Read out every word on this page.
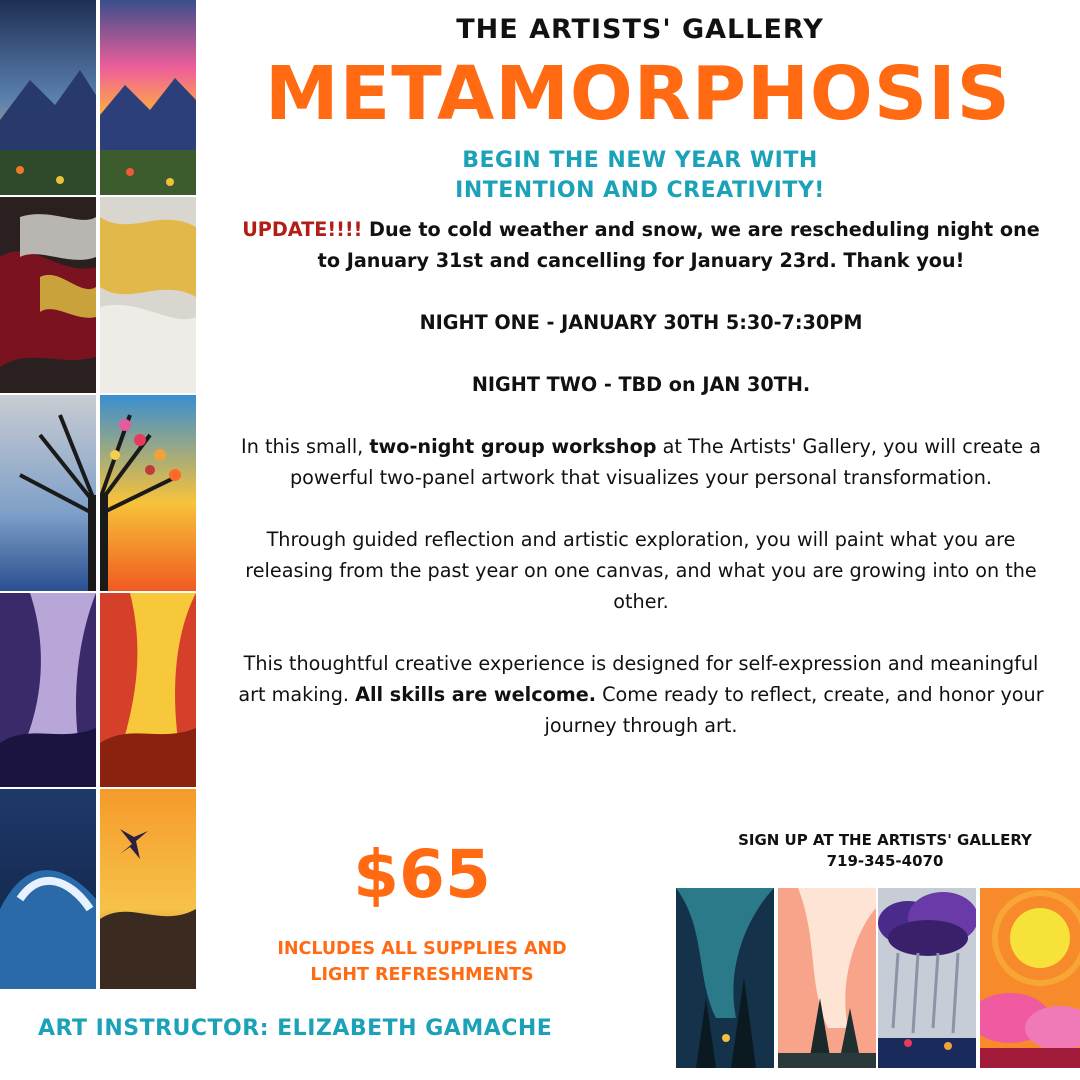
THE ARTISTS' GALLERY
METAMORPHOSIS
BEGIN THE NEW YEAR WITH
INTENTION AND CREATIVITY!

UPDATE!!!! Due to cold weather and snow, we are rescheduling night one to January 31st and cancelling for January 23rd. Thank you!

NIGHT ONE - JANUARY 30TH 5:30-7:30PM

NIGHT TWO - TBD on JAN 30TH.

In this small, two-night group workshop at The Artists' Gallery, you will create a powerful two-panel artwork that visualizes your personal transformation.

Through guided reflection and artistic exploration, you will paint what you are releasing from the past year on one canvas, and what you are growing into on the other.

This thoughtful creative experience is designed for self-expression and meaningful art making. All skills are welcome. Come ready to reflect, create, and honor your journey through art.

SIGN UP AT THE ARTISTS' GALLERY
719-345-4070
$65
INCLUDES ALL SUPPLIES AND
LIGHT REFRESHMENTS
ART INSTRUCTOR: ELIZABETH GAMACHE
